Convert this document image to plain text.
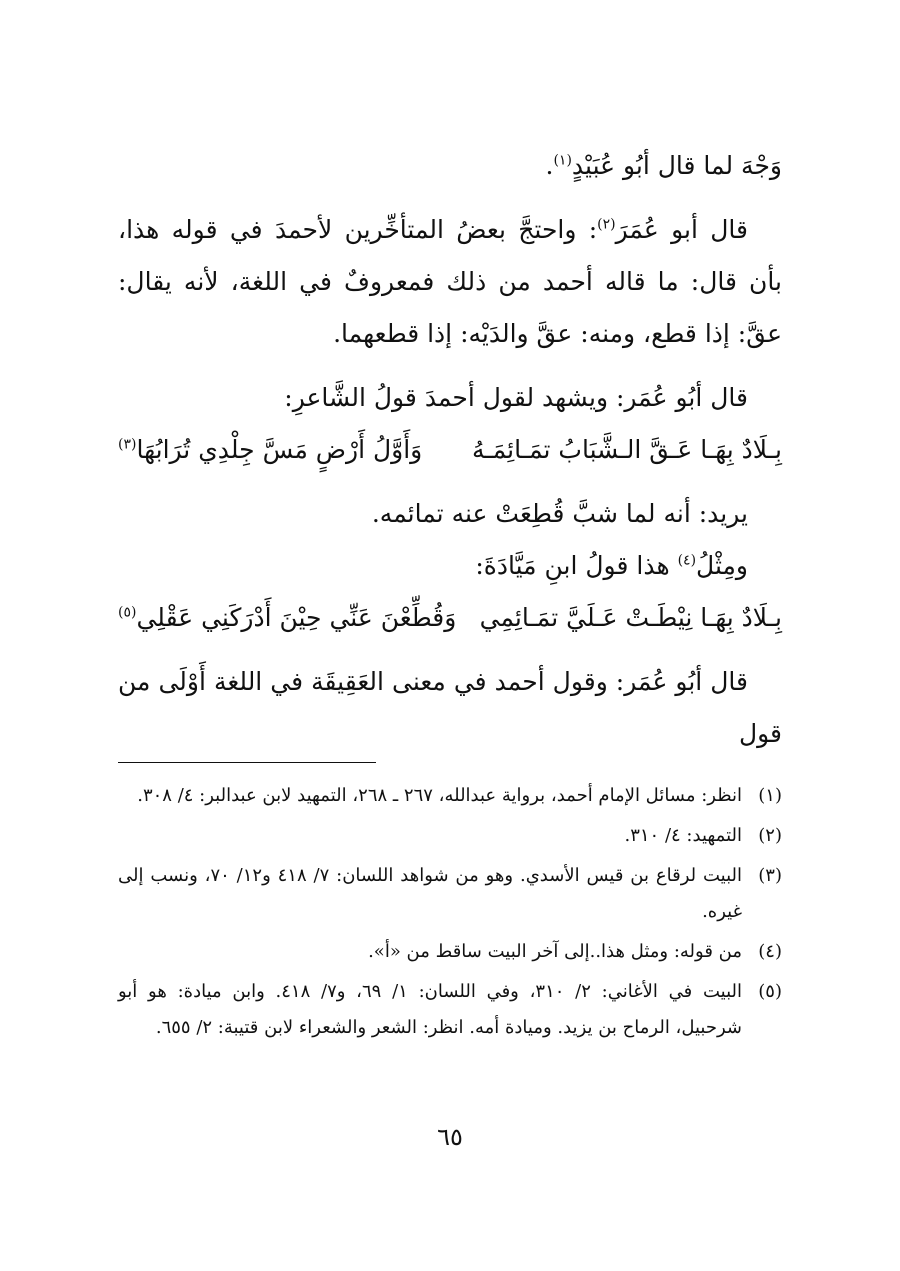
وَجْهَ لما قال أبُو عُبَيْدٍ$^{(١)}$.

قال أبو عُمَرَ$^{(٢)}$: واحتجَّ بعضُ المتأخِّرين لأحمدَ في قوله هذا، بأن قال: ما قاله أحمد من ذلك فمعروفٌ في اللغة، لأنه يقال: عقَّ: إذا قطع، ومنه: عقَّ والدَيْه: إذا قطعهما.

قال أبُو عُمَر: ويشهد لقول أحمدَ قولُ الشَّاعرِ:

بِـلَادٌ بِهَـا عَـقَّ الـشَّبَابُ تمَـائِمَـهُ
وَأَوَّلُ أَرْضٍ مَسَّ جِلْدِي تُرَابُهَا$^{(٣)}$

يريد: أنه لما شبَّ قُطِعَتْ عنه تمائمه.

ومِثْلُ$^{(٤)}$ هذا قولُ ابنِ مَيَّادَةَ:

بِـلَادٌ بِهَـا نِيْطَـتْ عَـلَيَّ تمَـائِمِي
وَقُطِّعْنَ عَنِّي حِيْنَ أَدْرَكَنِي عَقْلِي$^{(٥)}$

قال أبُو عُمَر: وقول أحمد في معنى العَقِيقَة في اللغة أَوْلَى من قول

(١)
انظر: مسائل الإمام أحمد، برواية عبدالله، ٢٦٧ ـ ٢٦٨، التمهيد لابن عبدالبر: ٤/ ٣٠٨.
(٢)
التمهيد: ٤/ ٣١٠.
(٣)
البيت لرقاع بن قيس الأسدي. وهو من شواهد اللسان: ٧/ ٤١٨ و١٢/ ٧٠، ونسب إلى غيره.
(٤)
من قوله: ومثل هذا..إلى آخر البيت ساقط من «أ».
(٥)
البيت في الأغاني: ٢/ ٣١٠، وفي اللسان: ١/ ٦٩، و٧/ ٤١٨. وابن ميادة: هو أبو شرحبيل، الرماح بن يزيد. وميادة أمه. انظر: الشعر والشعراء لابن قتيبة: ٢/ ٦٥٥.
٦٥
